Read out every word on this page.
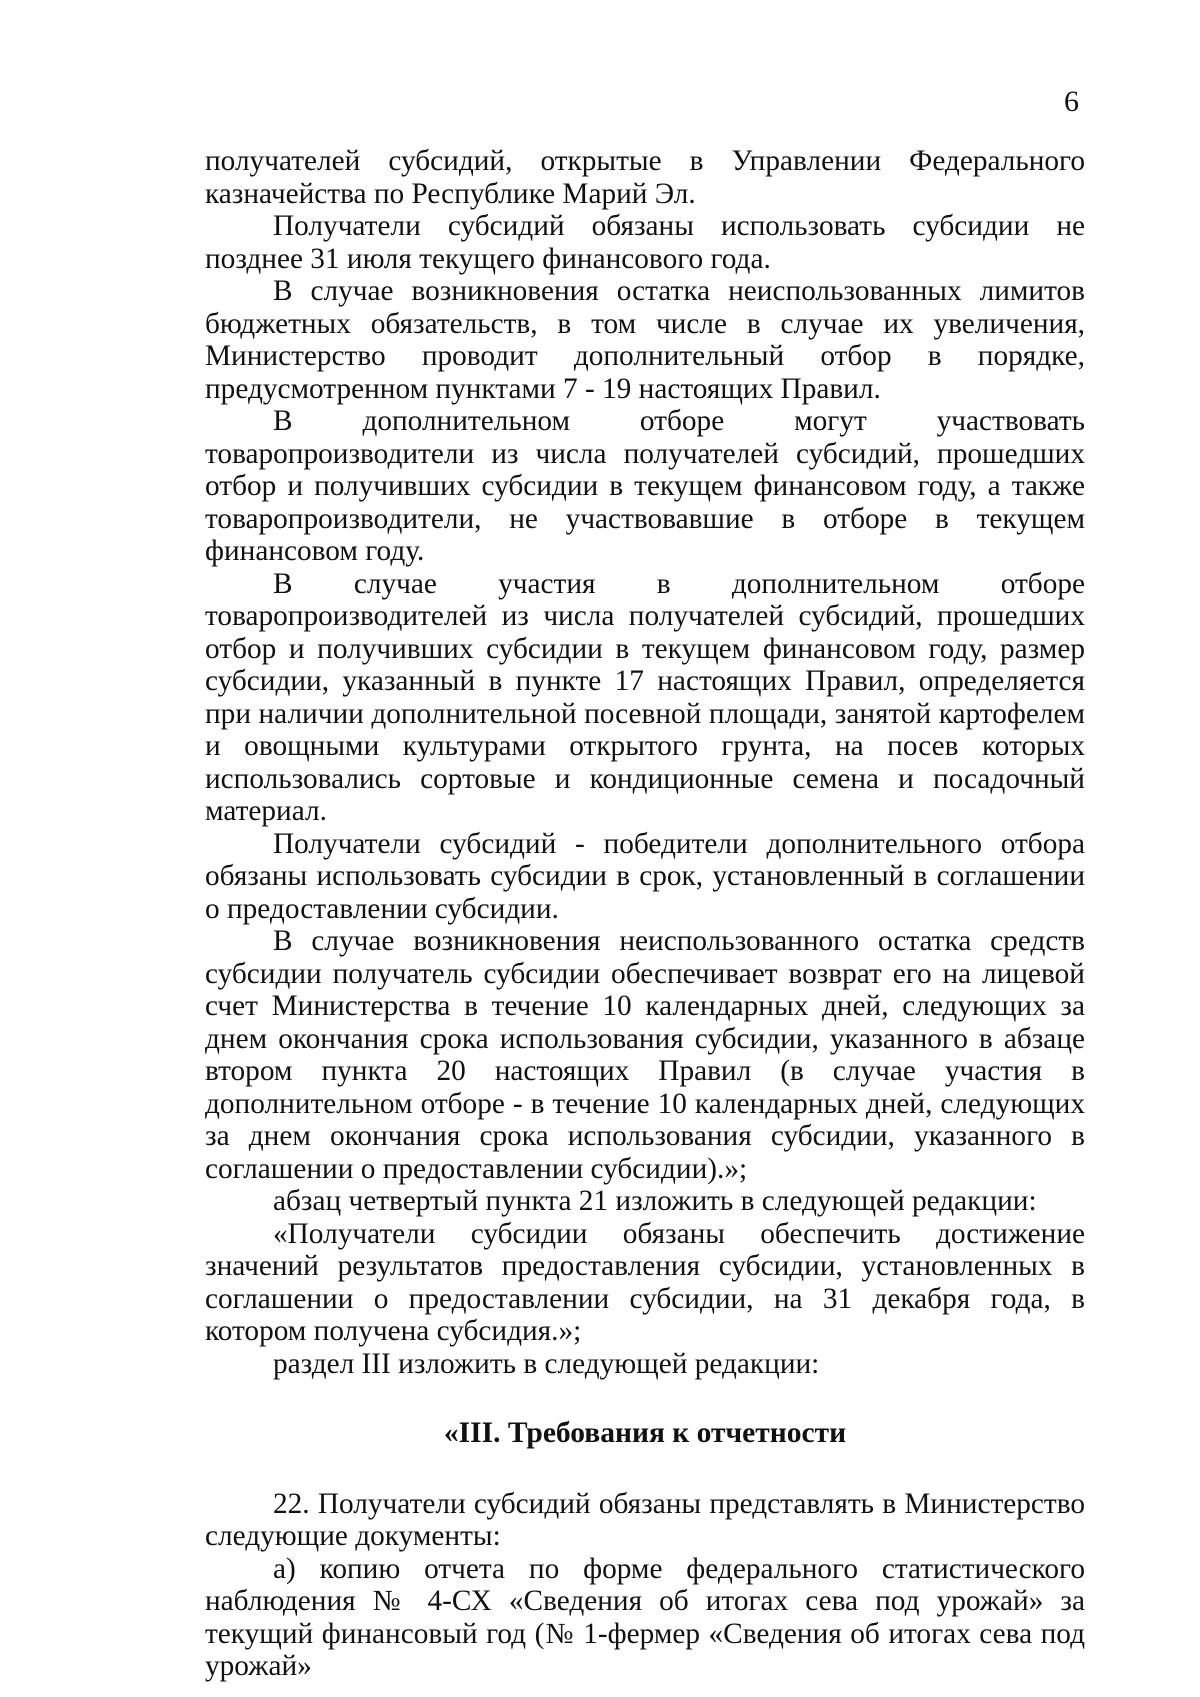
6

получателей субсидий, открытые в Управлении Федерального казначейства по Республике Марий Эл.

Получатели субсидий обязаны использовать субсидии не позднее 31 июля текущего финансового года.

В случае возникновения остатка неиспользованных лимитов бюджетных обязательств, в том числе в случае их увеличения, Министерство проводит дополнительный отбор в порядке, предусмотренном пунктами 7 - 19 настоящих Правил.

В дополнительном отборе могут участвовать товаропроизводители из числа получателей субсидий, прошедших отбор и получивших субсидии в текущем финансовом году, а также товаропроизводители, не участвовавшие в отборе в текущем финансовом году.

В случае участия в дополнительном отборе товаропроизводителей из числа получателей субсидий, прошедших отбор и получивших субсидии в текущем финансовом году, размер субсидии, указанный в пункте 17 настоящих Правил, определяется при наличии дополнительной посевной площади, занятой картофелем и овощными культурами открытого грунта, на посев которых использовались сортовые и кондиционные семена и посадочный материал.

Получатели субсидий - победители дополнительного отбора обязаны использовать субсидии в срок, установленный в соглашении о предоставлении субсидии.

В случае возникновения неиспользованного остатка средств субсидии получатель субсидии обеспечивает возврат его на лицевой счет Министерства в течение 10 календарных дней, следующих за днем окончания срока использования субсидии, указанного в абзаце втором пункта 20 настоящих Правил (в случае участия в дополнительном отборе - в течение 10 календарных дней, следующих за днем окончания срока использования субсидии, указанного в соглашении о предоставлении субсидии).»;

абзац четвертый пункта 21 изложить в следующей редакции:

«Получатели субсидии обязаны обеспечить достижение значений результатов предоставления субсидии, установленных в соглашении о предоставлении субсидии, на 31 декабря года, в котором получена субсидия.»;

раздел III изложить в следующей редакции:

«III. Требования к отчетности

22. Получатели субсидий обязаны представлять в Министерство следующие документы:

а) копию отчета по форме федерального статистического наблюдения № 4-СХ «Сведения об итогах сева под урожай» за текущий финансовый год (№ 1-фермер «Сведения об итогах сева под урожай»
